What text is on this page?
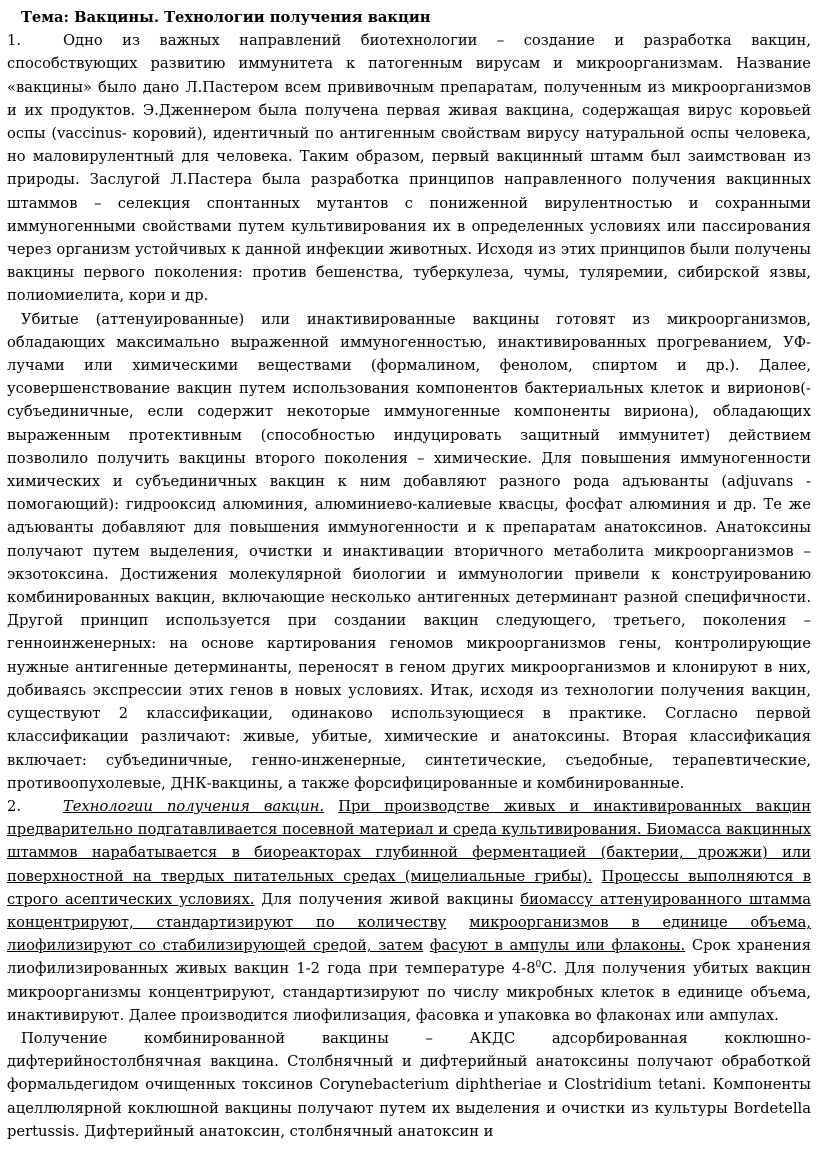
Тема: Вакцины. Технологии получения вакцин

1.	Одно из важных направлений биотехнологии – создание и разработка вакцин, способствующих развитию иммунитета к патогенным вирусам и микроорганизмам. Название «вакцины» было дано Л.Пастером всем прививочным препаратам, полученным из микроорганизмов и их продуктов. Э.Дженнером была получена первая живая вакцина, содержащая вирус коровьей оспы (vaccinus- коровий), идентичный по антигенным свойствам вирусу натуральной оспы человека, но маловирулентный для человека. Таким образом, первый вакцинный штамм был заимствован из природы. Заслугой Л.Пастера была разработка принципов направленного получения вакцинных штаммов – селекция спонтанных мутантов с пониженной вирулентностью и сохранными иммуногенными свойствами путем культивирования их в определенных условиях или пассирования через организм устойчивых к данной инфекции животных. Исходя из этих принципов были получены вакцины первого поколения: против бешенства, туберкулеза, чумы, туляремии, сибирской язвы, полиомиелита, кори и др.

Убитые (аттенуированные) или инактивированные вакцины готовят из микроорганизмов, обладающих максимально выраженной иммуногенностью, инактивированных прогреванием, УФ-лучами или химическими веществами (формалином, фенолом, спиртом и др.). Далее, усовершенствование вакцин путем использования компонентов бактериальных клеток и вирионов(-субъединичные, если содержит некоторые иммуногенные компоненты вириона), обладающих выраженным протективным (способностью индуцировать защитный иммунитет) действием позволило получить вакцины второго поколения – химические. Для повышения иммуногенности химических и субъединичных вакцин к ним добавляют разного рода адъюванты (adjuvans - помогающий): гидрооксид алюминия, алюминиево-калиевые квасцы, фосфат алюминия и др. Те же адъюванты добавляют для повышения иммуногенности и к препаратам анатоксинов. Анатоксины получают путем выделения, очистки и инактивации вторичного метаболита микроорганизмов – экзотоксина. Достижения молекулярной биологии и иммунологии привели к конструированию комбинированных вакцин, включающие несколько антигенных детерминант разной специфичности. Другой принцип используется при создании вакцин следующего, третьего, поколения – генноинженерных: на основе картирования геномов микроорганизмов гены, контролирующие нужные антигенные детерминанты, переносят в геном других микроорганизмов и клонируют в них, добиваясь экспрессии этих генов в новых условиях. Итак, исходя из технологии получения вакцин, существуют 2 классификации, одинаково использующиеся в практике. Согласно первой классификации различают: живые, убитые, химические и анатоксины. Вторая классификация включает: субъединичные, генно-инженерные, синтетические, съедобные, терапевтические, противоопухолевые, ДНК-вакцины, а также форсифицированные и комбинированные.

2.	Технологии получения вакцин. При производстве живых и инактивированных вакцин предварительно подгатавливается посевной материал и среда культивирования. Биомасса вакцинных штаммов нарабатывается в биореакторах глубинной ферментацией (бактерии, дрожжи) или поверхностной на твердых питательных средах (мицелиальные грибы). Процессы выполняются в строго асептических условиях. Для получения живой вакцины биомассу аттенуированного штамма концентрируют, стандартизируют по количеству микроорганизмов в единице объема, лиофилизируют со стабилизирующей средой, затем фасуют в ампулы или флаконы. Срок хранения лиофилизированных живых вакцин 1-2 года при температуре $4-8^0С$. Для получения убитых вакцин микроорганизмы концентрируют, стандартизируют по числу микробных клеток в единице объема, инактивируют. Далее производится лиофилизация, фасовка и упаковка во флаконах или ампулах.

Получение комбинированной вакцины – АКДС адсорбированная коклюшно-дифтерийностолбнячная вакцина. Столбнячный и дифтерийный анатоксины получают обработкой формальдегидом очищенных токсинов Corynebacterium diphtheriae и Clostridium tetani. Компоненты ацеллюлярной коклюшной вакцины получают путем их выделения и очистки из культуры Bordetella pertussis. Дифтерийный анатоксин, столбнячный анатоксин и
